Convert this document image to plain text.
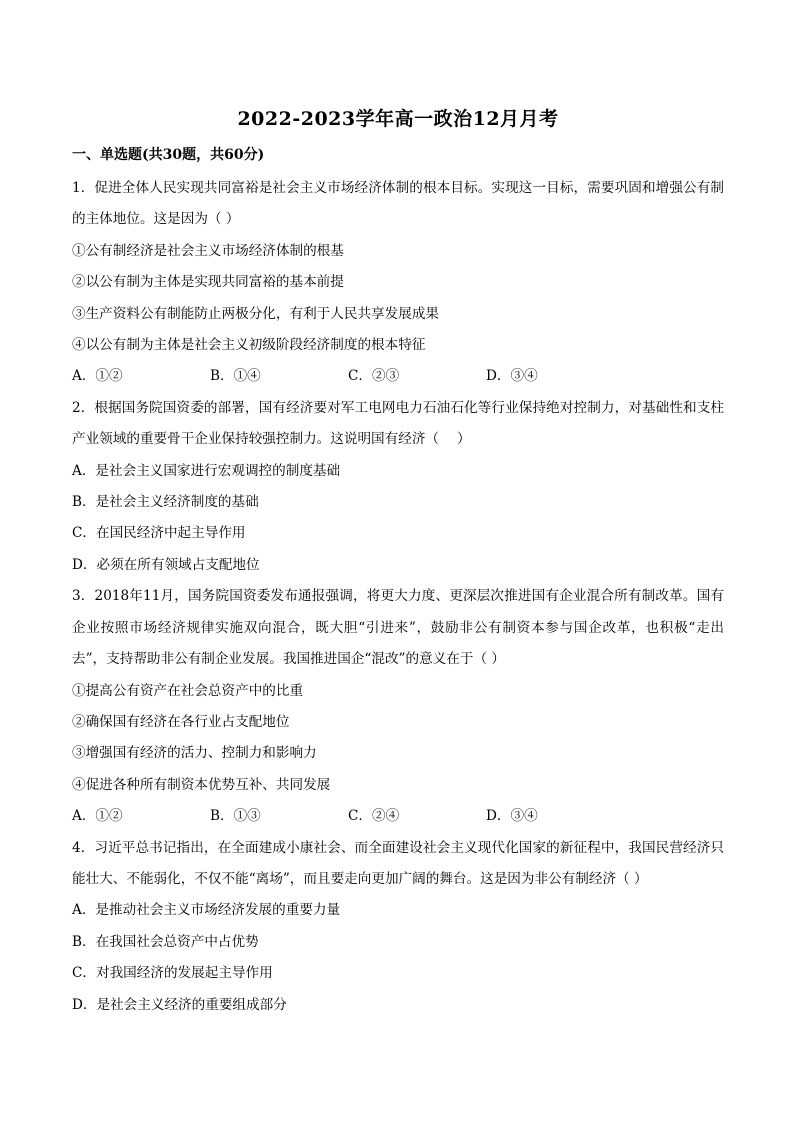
2022-2023学年高一政治12月月考
一、单选题(共30题，共60分)
1．促进全体人民实现共同富裕是社会主义市场经济体制的根本目标。实现这一目标，需要巩固和增强公有制的主体地位。这是因为（ ）
①公有制经济是社会主义市场经济体制的根基
②以公有制为主体是实现共同富裕的基本前提
③生产资料公有制能防止两极分化，有利于人民共享发展成果
④以公有制为主体是社会主义初级阶段经济制度的根本特征
A．①②	B．①④	C．②③	D．③④
2．根据国务院国资委的部署，国有经济要对军工电网电力石油石化等行业保持绝对控制力，对基础性和支柱产业领域的重要骨干企业保持较强控制力。这说明国有经济（　 ）
A．是社会主义国家进行宏观调控的制度基础
B．是社会主义经济制度的基础
C．在国民经济中起主导作用
D．必须在所有领域占支配地位
3．2018年11月，国务院国资委发布通报强调，将更大力度、更深层次推进国有企业混合所有制改革。国有企业按照市场经济规律实施双向混合，既大胆“引进来”，鼓励非公有制资本参与国企改革，也积极“走出去”，支持帮助非公有制企业发展。我国推进国企“混改”的意义在于（ ）
①提高公有资产在社会总资产中的比重
②确保国有经济在各行业占支配地位
③增强国有经济的活力、控制力和影响力
④促进各种所有制资本优势互补、共同发展
A．①②	B．①③	C．②④	D．③④
4．习近平总书记指出，在全面建成小康社会、而全面建设社会主义现代化国家的新征程中，我国民营经济只能壮大、不能弱化，不仅不能“离场”，而且要走向更加广阔的舞台。这是因为非公有制经济（ ）
A．是推动社会主义市场经济发展的重要力量
B．在我国社会总资产中占优势
C．对我国经济的发展起主导作用
D．是社会主义经济的重要组成部分
